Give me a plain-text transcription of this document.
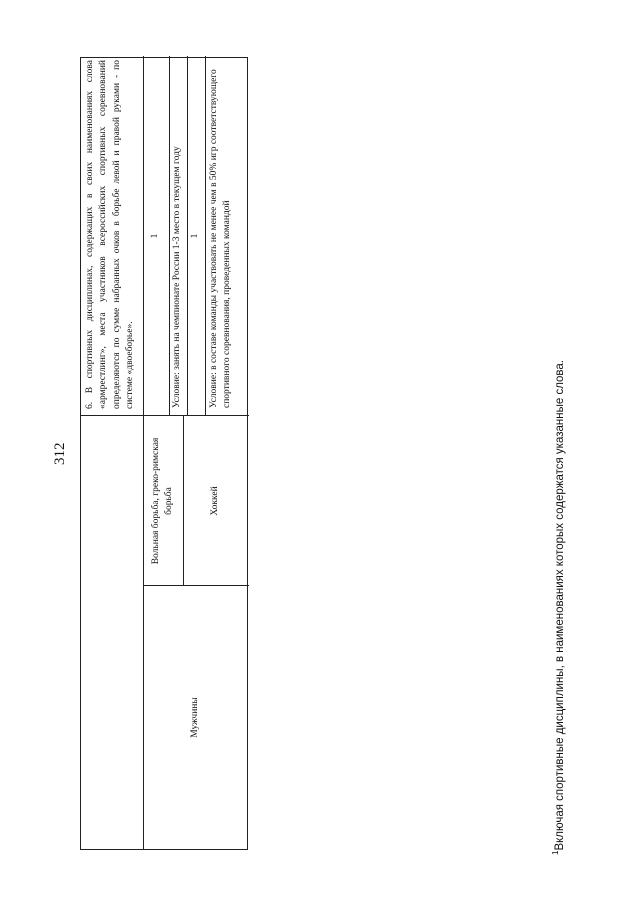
312
Мужчины
Вольная борьба, греко-римская борьба	Хоккей
6. В спортивных дисциплинах, содержащих в своих наименованиях слова «армрестлинг», места участников всероссийских спортивных соревнований определяются по сумме набранных очков в борьбе левой и правой руками - по системе «двоеборье».
1	Условие: занять на чемпионате России 1-3 место в текущем году 1 Условие: в составе команды участвовать не менее чем в 50% игр соответствующего спортивного соревнования, проведенных командой
$^1$Включая спортивные дисциплины, в наименованиях которых содержатся указанные слова.
